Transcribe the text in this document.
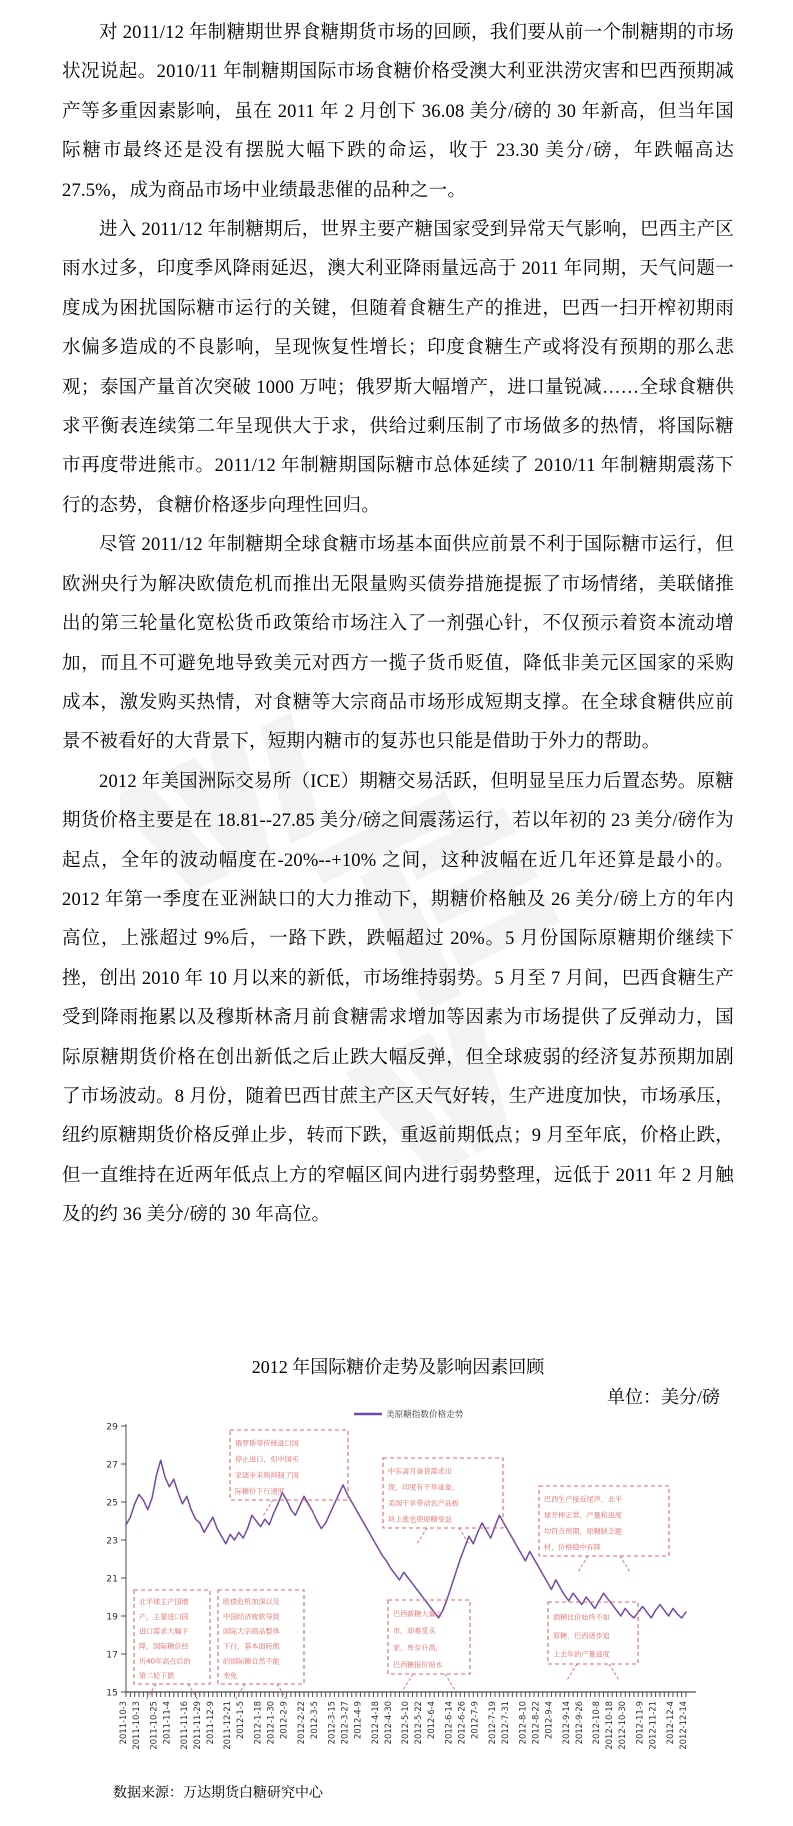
对 2011/12 年制糖期世界食糖期货市场的回顾，我们要从前一个制糖期的市场状况说起。2010/11 年制糖期国际市场食糖价格受澳大利亚洪涝灾害和巴西预期减产等多重因素影响，虽在 2011 年 2 月创下 36.08 美分/磅的 30 年新高，但当年国际糖市最终还是没有摆脱大幅下跌的命运，收于 23.30 美分/磅，年跌幅高达 27.5%，成为商品市场中业绩最悲催的品种之一。

进入 2011/12 年制糖期后，世界主要产糖国家受到异常天气影响，巴西主产区雨水过多，印度季风降雨延迟，澳大利亚降雨量远高于 2011 年同期，天气问题一度成为困扰国际糖市运行的关键，但随着食糖生产的推进，巴西一扫开榨初期雨水偏多造成的不良影响，呈现恢复性增长；印度食糖生产或将没有预期的那么悲观；泰国产量首次突破 1000 万吨；俄罗斯大幅增产，进口量锐减……全球食糖供求平衡表连续第二年呈现供大于求，供给过剩压制了市场做多的热情，将国际糖市再度带进熊市。2011/12 年制糖期国际糖市总体延续了 2010/11 年制糖期震荡下行的态势，食糖价格逐步向理性回归。

尽管 2011/12 年制糖期全球食糖市场基本面供应前景不利于国际糖市运行，但欧洲央行为解决欧债危机而推出无限量购买债券措施提振了市场情绪，美联储推出的第三轮量化宽松货币政策给市场注入了一剂强心针，不仅预示着资本流动增加，而且不可避免地导致美元对西方一揽子货币贬值，降低非美元区国家的采购成本，激发购买热情，对食糖等大宗商品市场形成短期支撑。在全球食糖供应前景不被看好的大背景下，短期内糖市的复苏也只能是借助于外力的帮助。

2012 年美国洲际交易所（ICE）期糖交易活跃，但明显呈压力后置态势。原糖期货价格主要是在 18.81--27.85 美分/磅之间震荡运行，若以年初的 23 美分/磅作为起点，全年的波动幅度在-20%--+10% 之间，这种波幅在近几年还算是最小的。2012 年第一季度在亚洲缺口的大力推动下，期糖价格触及 26 美分/磅上方的年内高位，上涨超过 9%后，一路下跌，跌幅超过 20%。5 月份国际原糖期价继续下挫，创出 2010 年 10 月以来的新低，市场维持弱势。5 月至 7 月间，巴西食糖生产受到降雨拖累以及穆斯林斋月前食糖需求增加等因素为市场提供了反弹动力，国际原糖期货价格在创出新低之后止跌大幅反弹，但全球疲弱的经济复苏预期加剧了市场波动。8 月份，随着巴西甘蔗主产区天气好转，生产进度加快，市场承压，纽约原糖期货价格反弹止步，转而下跌，重返前期低点；9 月至年底，价格止跌，但一直维持在近两年低点上方的窄幅区间内进行弱势整理，远低于 2011 年 2 月触及的约 36 美分/磅的 30 年高位。

2012 年国际糖价走势及影响因素回顾
单位：美分/磅
美原糖指数价格走势
15
17
19
21
23
25
27
29
2011-10-3 2011-10-13 2011-10-25 2011-11-4 2011-11-16 2011-11-29 2011-12-9 2011-12-21 2012-1-5 2012-1-18 2012-1-30 2012-2-9 2012-2-22 2012-3-5 2012-3-15 2012-3-27 2012-4-9 2012-4-18 2012-4-30 2012-5-10 2012-5-22 2012-6-4 2012-6-14 2012-6-26 2012-7-9 2012-7-19 2012-7-31 2012-8-10 2012-8-22 2012-9-4 2012-9-14 2012-9-26 2012-10-8 2012-10-18 2012-10-30 2012-11-9 2012-11-21 2012-12-4 2012-12-14
俄罗斯等传统进口国
停止进口，但中国买
家逐步采购抑制了国
际糖价下行速度
中东斋月备货需求出
现，印度有干旱迹象，
美国干旱带动农产品板
块上涨也使原糖受益
巴西生产接近尾声，北半
球开榨正常，产量和进度
均符合预期，原糖缺乏题
材，价格稳中有降
北半球主产国增
产，主要进口国
进口需求大幅下
降，国际糖价经
历40年高点后的
第二轮下跌
欧债危机加深以及
中国经济疲软导致
国际大宗商品整体
下行，基本面转熊
的国际糖自然不能
幸免
巴西新糖大量上
市，却难觅买
家，库存升高，
巴西糖报价贴水
酒精比价始终不如
原糖，巴西逐步追
上去年的产量进度
数据来源：万达期货白糖研究中心
